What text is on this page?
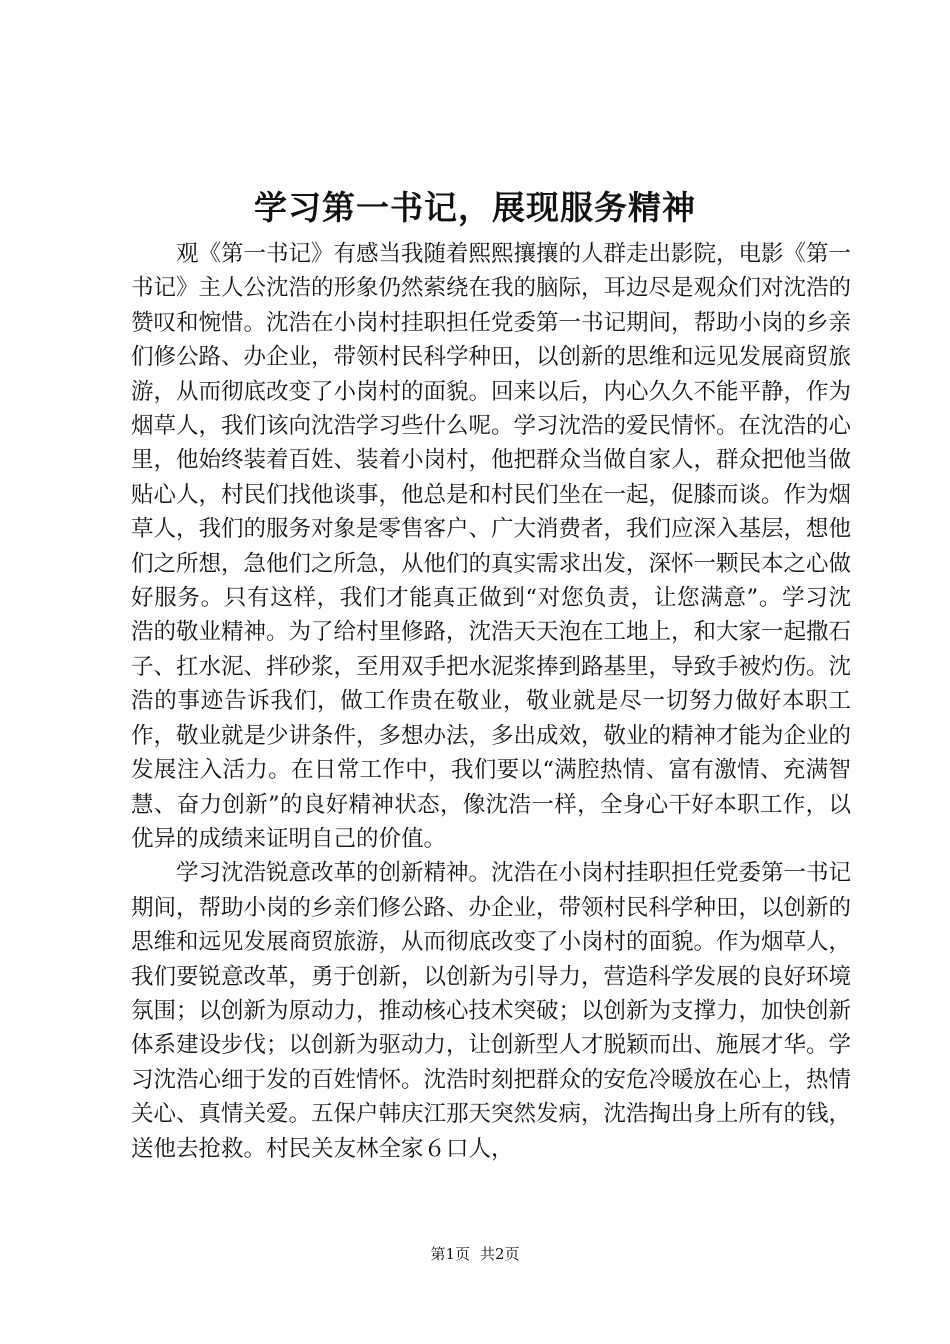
学习第一书记，展现服务精神

观《第一书记》有感当我随着熙熙攘攘的人群走出影院，电影《第一书记》主人公沈浩的形象仍然萦绕在我的脑际，耳边尽是观众们对沈浩的赞叹和惋惜。沈浩在小岗村挂职担任党委第一书记期间，帮助小岗的乡亲们修公路、办企业，带领村民科学种田，以创新的思维和远见发展商贸旅游，从而彻底改变了小岗村的面貌。回来以后，内心久久不能平静，作为烟草人，我们该向沈浩学习些什么呢。学习沈浩的爱民情怀。在沈浩的心里，他始终装着百姓、装着小岗村，他把群众当做自家人，群众把他当做贴心人，村民们找他谈事，他总是和村民们坐在一起，促膝而谈。作为烟草人，我们的服务对象是零售客户、广大消费者，我们应深入基层，想他们之所想，急他们之所急，从他们的真实需求出发，深怀一颗民本之心做好服务。只有这样，我们才能真正做到“对您负责，让您满意”。学习沈浩的敬业精神。为了给村里修路，沈浩天天泡在工地上，和大家一起撒石子、扛水泥、拌砂浆，至用双手把水泥浆捧到路基里，导致手被灼伤。沈浩的事迹告诉我们，做工作贵在敬业，敬业就是尽一切努力做好本职工作，敬业就是少讲条件，多想办法，多出成效，敬业的精神才能为企业的发展注入活力。在日常工作中，我们要以“满腔热情、富有激情、充满智慧、奋力创新”的良好精神状态，像沈浩一样，全身心干好本职工作，以优异的成绩来证明自己的价值。

学习沈浩锐意改革的创新精神。沈浩在小岗村挂职担任党委第一书记期间，帮助小岗的乡亲们修公路、办企业，带领村民科学种田，以创新的思维和远见发展商贸旅游，从而彻底改变了小岗村的面貌。作为烟草人，我们要锐意改革，勇于创新，以创新为引导力，营造科学发展的良好环境氛围；以创新为原动力，推动核心技术突破；以创新为支撑力，加快创新体系建设步伐；以创新为驱动力，让创新型人才脱颖而出、施展才华。学习沈浩心细于发的百姓情怀。沈浩时刻把群众的安危冷暖放在心上，热情关心、真情关爱。五保户韩庆江那天突然发病，沈浩掏出身上所有的钱，送他去抢救。村民关友林全家６口人，

第1页 共2页
